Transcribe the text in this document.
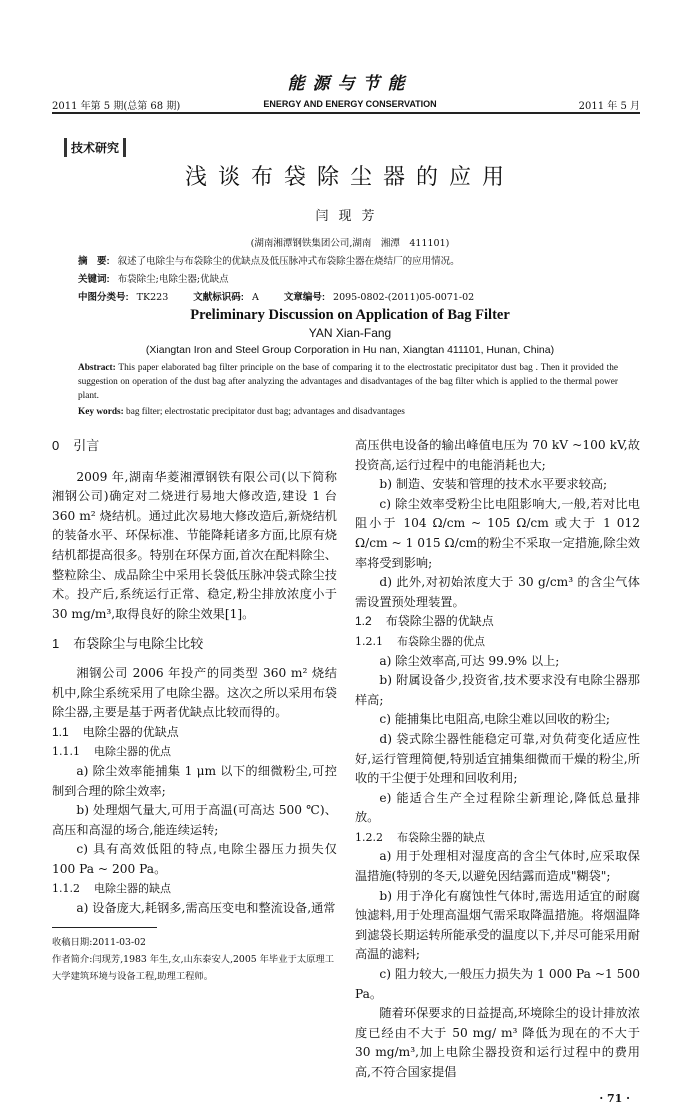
2011 年第 5 期(总第 68 期)
能源与节能
ENERGY AND ENERGY CONSERVATION	2011 年 5 月
技术研究
浅谈布袋除尘器的应用
闫现芳
(湖南湘潭钢铁集团公司,湖南　湘潭　411101)
摘　要: 叙述了电除尘与布袋除尘的优缺点及低压脉冲式布袋除尘器在烧结厂的应用情况。
关键词: 布袋除尘;电除尘器;优缺点
中图分类号: TK223	文献标识码: A	文章编号: 2095-0802-(2011)05-0071-02
Preliminary Discussion on Application of Bag Filter
YAN Xian-Fang
(Xiangtan Iron and Steel Group Corporation in Hu nan, Xiangtan 411101, Hunan, China)
Abstract: This paper elaborated bag filter principle on the base of comparing it to the electrostatic precipitator dust bag . Then it provided the suggestion on operation of the dust bag after analyzing the advantages and disadvantages of the bag filter which is applied to the thermal power plant.
Key words: bag filter; electrostatic precipitator dust bag; advantages and disadvantages
0 引言

2009 年,湖南华菱湘潭钢铁有限公司(以下简称湘钢公司)确定对二烧进行易地大修改造,建设 1 台 360 m² 烧结机。通过此次易地大修改造后,新烧结机的装备水平、环保标准、节能降耗诸多方面,比原有烧结机都提高很多。特别在环保方面,首次在配料除尘、整粒除尘、成品除尘中采用长袋低压脉冲袋式除尘技术。投产后,系统运行正常、稳定,粉尘排放浓度小于 30 mg/m³,取得良好的除尘效果[1]。

1 布袋除尘与电除尘比较

湘钢公司 2006 年投产的同类型 360 m² 烧结机中,除尘系统采用了电除尘器。这次之所以采用布袋除尘器,主要是基于两者优缺点比较而得的。

1.1 电除尘器的优缺点
1.1.1 电除尘器的优点

a) 除尘效率能捕集 1 μm 以下的细微粉尘,可控制到合理的除尘效率;

b) 处理烟气量大,可用于高温(可高达 500 ℃)、高压和高湿的场合,能连续运转;

c) 具有高效低阻的特点,电除尘器压力损失仅 100 Pa ~ 200 Pa。

1.1.2 电除尘器的缺点

a) 设备庞大,耗钢多,需高压变电和整流设备,通常

收稿日期:2011-03-02
作者简介:闫现芳,1983 年生,女,山东泰安人,2005 年毕业于太原理工大学建筑环境与设备工程,助理工程师。

高压供电设备的输出峰值电压为 70 kV ~100 kV,故投资高,运行过程中的电能消耗也大;

b) 制造、安装和管理的技术水平要求较高;

c) 除尘效率受粉尘比电阻影响大,一般,若对比电阻小于 104 Ω/cm ~ 105 Ω/cm 或大于 1 012 Ω/cm ~ 1 015 Ω/cm的粉尘不采取一定措施,除尘效率将受到影响;

d) 此外,对初始浓度大于 30 g/cm³ 的含尘气体需设置预处理装置。

1.2 布袋除尘器的优缺点
1.2.1 布袋除尘器的优点

a) 除尘效率高,可达 99.9% 以上;

b) 附属设备少,投资省,技术要求没有电除尘器那样高;

c) 能捕集比电阻高,电除尘难以回收的粉尘;

d) 袋式除尘器性能稳定可靠,对负荷变化适应性好,运行管理简便,特别适宜捕集细微而干燥的粉尘,所收的干尘便于处理和回收利用;

e) 能适合生产全过程除尘新理论,降低总量排放。

1.2.2 布袋除尘器的缺点

a) 用于处理相对湿度高的含尘气体时,应采取保温措施(特别的冬天,以避免因结露而造成"糊袋";

b) 用于净化有腐蚀性气体时,需选用适宜的耐腐蚀滤料,用于处理高温烟气需采取降温措施。将烟温降到滤袋长期运转所能承受的温度以下,并尽可能采用耐高温的滤料;

c) 阻力较大,一般压力损失为 1 000 Pa ~1 500 Pa。

随着环保要求的日益提高,环境除尘的设计排放浓度已经由不大于 50 mg/ m³ 降低为现在的不大于 30 mg/m³,加上电除尘器投资和运行过程中的费用高,不符合国家提倡

· 71 ·
